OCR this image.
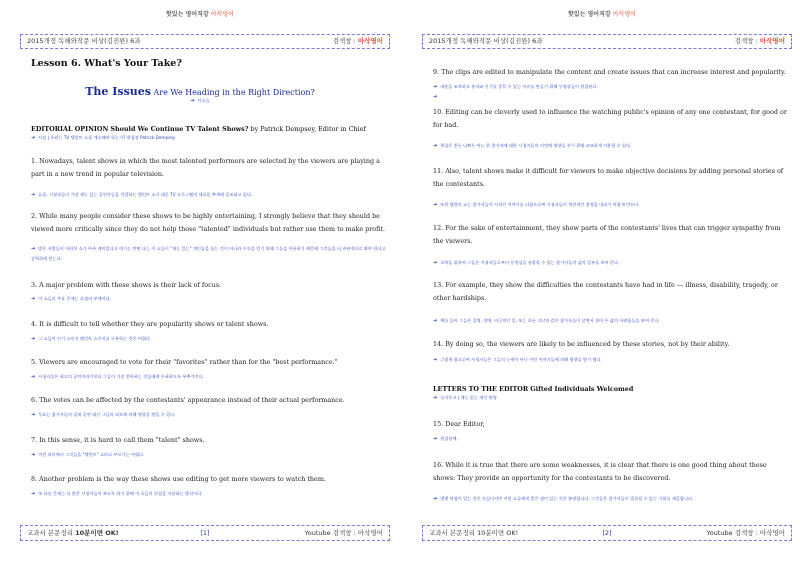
핫있는 영어직강 아삭영어
2015개정 독해와작문 비상(김진완) 6과	검색창 : 아삭영어
Lesson 6. What's Your Take?
The Issues Are We Heading in the Right Direction?
➜ 이슈들
EDITORIAL OPINION Should We Continue TV Talent Shows? by Patrick Dempsey, Editor in Chief
➜ 사설 | 우리는 TV 탤런트 쇼를 계속해야 하는가? 편집장 Patrick Dempsey
1. Nowadays, talent shows in which the most talented performers are selected by the viewers are playing a part in a new trend in popular television.
➜ 요즘, 시청자들이 가장 재능 있는 공연자들을 선발하는 탤런트 쇼가 대중 TV 프로그램의 새로운 추세에 일조하고 있다.
2. While many people consider these shows to be highly entertaining, I strongly believe that they should be viewed more critically since they do not help those "talented" individuals but rather use them to make profit.
➜ 많은 사람들이 이러한 쇼가 아주 재미있다고 여기는 반면 나는 이 쇼들이 "재능 있는" 개인들을 돕는 것이 아니라 수익을 얻기 위해 그들을 이용하기 때문에 그것들을 더 비판적으로 봐야 한다고 강력하게 믿는다.
3. A major problem with these shows is their lack of focus.
➜ 이 쇼들의 주요 문제는 초점의 부재이다.
4. It is difficult to tell whether they are popularity shows or talent shows.
➜ 그 쇼들이 인기 쇼인지 탤런트 쇼인지를 구분하는 것은 어렵다.
5. Viewers are encouraged to vote for their "favorites" rather than for the "best performance."
➜ 시청자들은 최고의 공연이라기보다 그들이 가장 좋아하는 것들에게 투표하도록 부추겨진다.
6. The votes can be affected by the contestants' appearance instead of their actual performance.
➜ 투표는 참가자들의 실제 공연 대신 그들의 외모에 의해 영향을 받을 수 있다.
7. In this sense, it is hard to call them "talent" shows.
➜ 이런 의미에서 그것들을 "탤런트" 쇼라고 부르기는 어렵다.
8. Another problem is the way these shows use editing to get more viewers to watch them.
➜ 또 다른 문제는 더 많은 시청자들이 보도록 하기 위해 이 쇼들이 편집을 사용하는 방식이다.
교과서 본문정리 10분이면 OK!	[1]	Youtube 검색창 : 아삭영어
핫있는 영어직강 아삭영어
2015개정 독해와작문 비상(김진완) 6과	검색창 : 아삭영어
9. The clips are edited to manipulate the content and create issues that can increase interest and popularity.
➜ 내용을 조작하고 흥미와 인기를 증할 수 있는 이슈를 만들기 위해 동영상들이 편집된다.
➜
10. Editing can be cleverly used to influence the watching public's opinion of any one contestant, for good or for bad.
➜ 편집은 좋든 나쁘든 어느 한 참가자에 대한 시청자들의 의견에 영향을 주기 위해 교묘하게 사용될 수 있다.
11. Also, talent shows make it difficult for viewers to make objective decisions by adding personal stories of the contestants.
➜ 또한 탤런트 쇼는 참가자들의 사적인 이야기를 더함으로써 시청자들이 객관적인 결정을 내리기 어렵게 만든다.
12. For the sake of entertainment, they show parts of the contestants' lives that can trigger sympathy from the viewers.
➜ 오락을 위하여 그들은 시청자들로부터 동정심을 유발할 수 있는 참가자들의 삶의 일부를 보여 준다.
13. For example, they show the difficulties the contestants have had in life — illness, disability, tragedy, or other hardships.
➜ 예를 들어 그들은 질병, 장애, 비극적인 일, 또는 다른 고난과 같은 참가자들이 살면서 겪어 온 삶의 어려움들을 보여 준다.
14. By doing so, the viewers are likely to be influenced by these stories, not by their ability.
➜ 그렇게 함으로써 시청자들은 그들의 능력이 아닌 이런 이야기들에 의해 영향을 받기 쉽다.
LETTERS TO THE EDITOR Gifted Individuals Welcomed
➜ 독자투고 | 재능 있는 개인 환영
15. Dear Editor,
➜ 편집장께,
16. While it is true that there are some weaknesses, it is clear that there is one good thing about these shows: They provide an opportunity for the contestants to be discovered.
➜ 몇몇 단점이 있는 것은 사실이지만 이런 쇼들에게 좋은 점이 있는 것은 분명합니다. 그것들은 참가자들이 발굴될 수 있는 기회를 제공합니다.
교과서 본문정리 10분이면 OK!	[2]	Youtube 검색창 : 아삭영어
